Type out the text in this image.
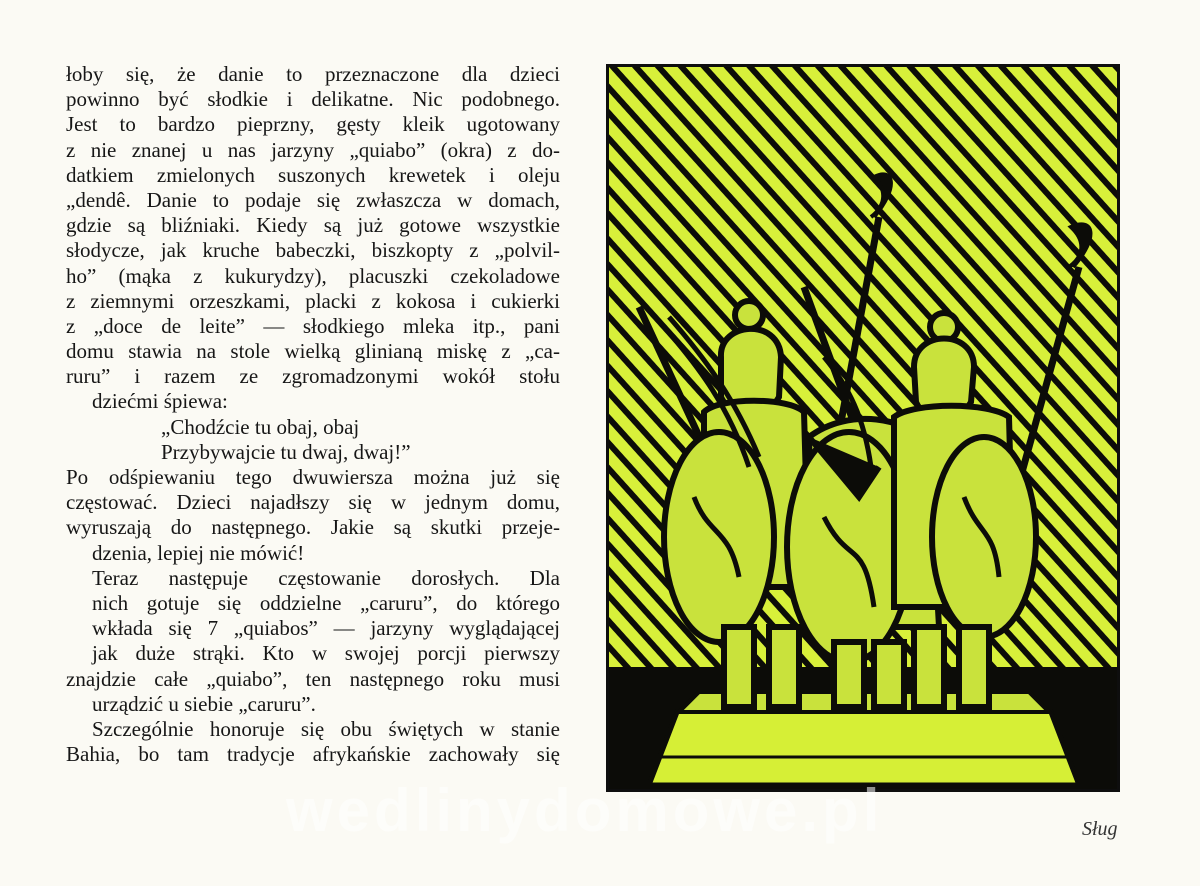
łoby się, że danie to przeznaczone dla dzieci
powinno być słodkie i delikatne. Nic podobnego.
Jest to bardzo pieprzny, gęsty kleik ugotowany
z nie znanej u nas jarzyny „quiabo” (okra) z do-
datkiem zmielonych suszonych krewetek i oleju
„dendê. Danie to podaje się zwłaszcza w domach,
gdzie są bliźniaki. Kiedy są już gotowe wszystkie
słodycze, jak kruche babeczki, biszkopty z „polvil-
ho” (mąka z kukurydzy), placuszki czekoladowe
z ziemnymi orzeszkami, placki z kokosa i cukierki
z „doce de leite” — słodkiego mleka itp., pani
domu stawia na stole wielką glinianą miskę z „ca-
ruru” i razem ze zgromadzonymi wokół stołu
dziećmi śpiewa:
„Chodźcie tu obaj, obaj
Przybywajcie tu dwaj, dwaj!”
Po odśpiewaniu tego dwuwiersza można już się
częstować. Dzieci najadłszy się w jednym domu,
wyruszają do następnego. Jakie są skutki przeje-
dzenia, lepiej nie mówić!
Teraz następuje częstowanie dorosłych. Dla
nich gotuje się oddzielne „caruru”, do którego
wkłada się 7 „quiabos” — jarzyny wyglądającej
jak duże strąki. Kto w swojej porcji pierwszy
znajdzie całe „quiabo”, ten następnego roku musi
urządzić u siebie „caruru”.
Szczególnie honoruje się obu świętych w stanie
Bahia, bo tam tradycje afrykańskie zachowały się
wedlinydomowe.pl	Sług
